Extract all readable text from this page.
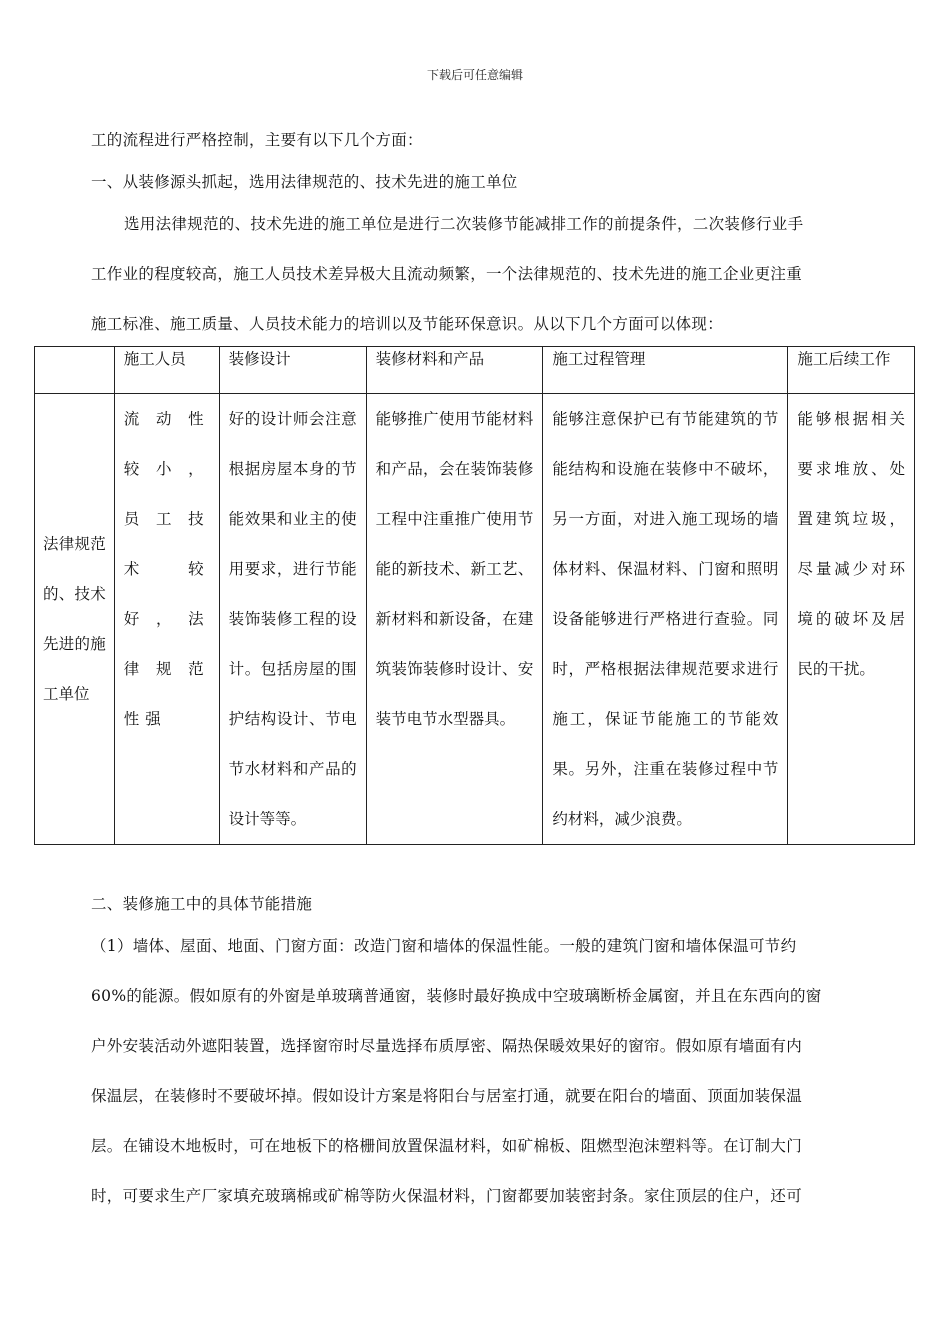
下载后可任意编辑
工的流程进行严格控制，主要有以下几个方面：
一、从装修源头抓起，选用法律规范的、技术先进的施工单位
选用法律规范的、技术先进的施工单位是进行二次装修节能减排工作的前提条件，二次装修行业手
工作业的程度较高，施工人员技术差异极大且流动频繁，一个法律规范的、技术先进的施工企业更注重
施工标准、施工质量、人员技术能力的培训以及节能环保意识。从以下几个方面可以体现：
	施工人员	装修设计	装修材料和产品	施工过程管理	施工后续工作
法律规范的、技术先进的施工单位	流动性较小，员工技术较好，法律规范性强	好的设计师会注意根据房屋本身的节能效果和业主的使用要求，进行节能装饰装修工程的设计。包括房屋的围护结构设计、节电节水材料和产品的设计等等。	能够推广使用节能材料和产品，会在装饰装修工程中注重推广使用节能的新技术、新工艺、新材料和新设备，在建筑装饰装修时设计、安装节电节水型器具。	能够注意保护已有节能建筑的节能结构和设施在装修中不破坏，另一方面，对进入施工现场的墙体材料、保温材料、门窗和照明设备能够进行严格进行查验。同时，严格根据法律规范要求进行施工，保证节能施工的节能效果。另外，注重在装修过程中节约材料，减少浪费。	能够根据相关要求堆放、处置建筑垃圾，尽量减少对环境的破坏及居民的干扰。
二、装修施工中的具体节能措施
（1）墙体、屋面、地面、门窗方面：改造门窗和墙体的保温性能。一般的建筑门窗和墙体保温可节约
60%的能源。假如原有的外窗是单玻璃普通窗，装修时最好换成中空玻璃断桥金属窗，并且在东西向的窗
户外安装活动外遮阳装置，选择窗帘时尽量选择布质厚密、隔热保暖效果好的窗帘。假如原有墙面有内
保温层，在装修时不要破坏掉。假如设计方案是将阳台与居室打通，就要在阳台的墙面、顶面加装保温
层。在铺设木地板时，可在地板下的格栅间放置保温材料，如矿棉板、阻燃型泡沫塑料等。在订制大门
时，可要求生产厂家填充玻璃棉或矿棉等防火保温材料，门窗都要加装密封条。家住顶层的住户，还可
